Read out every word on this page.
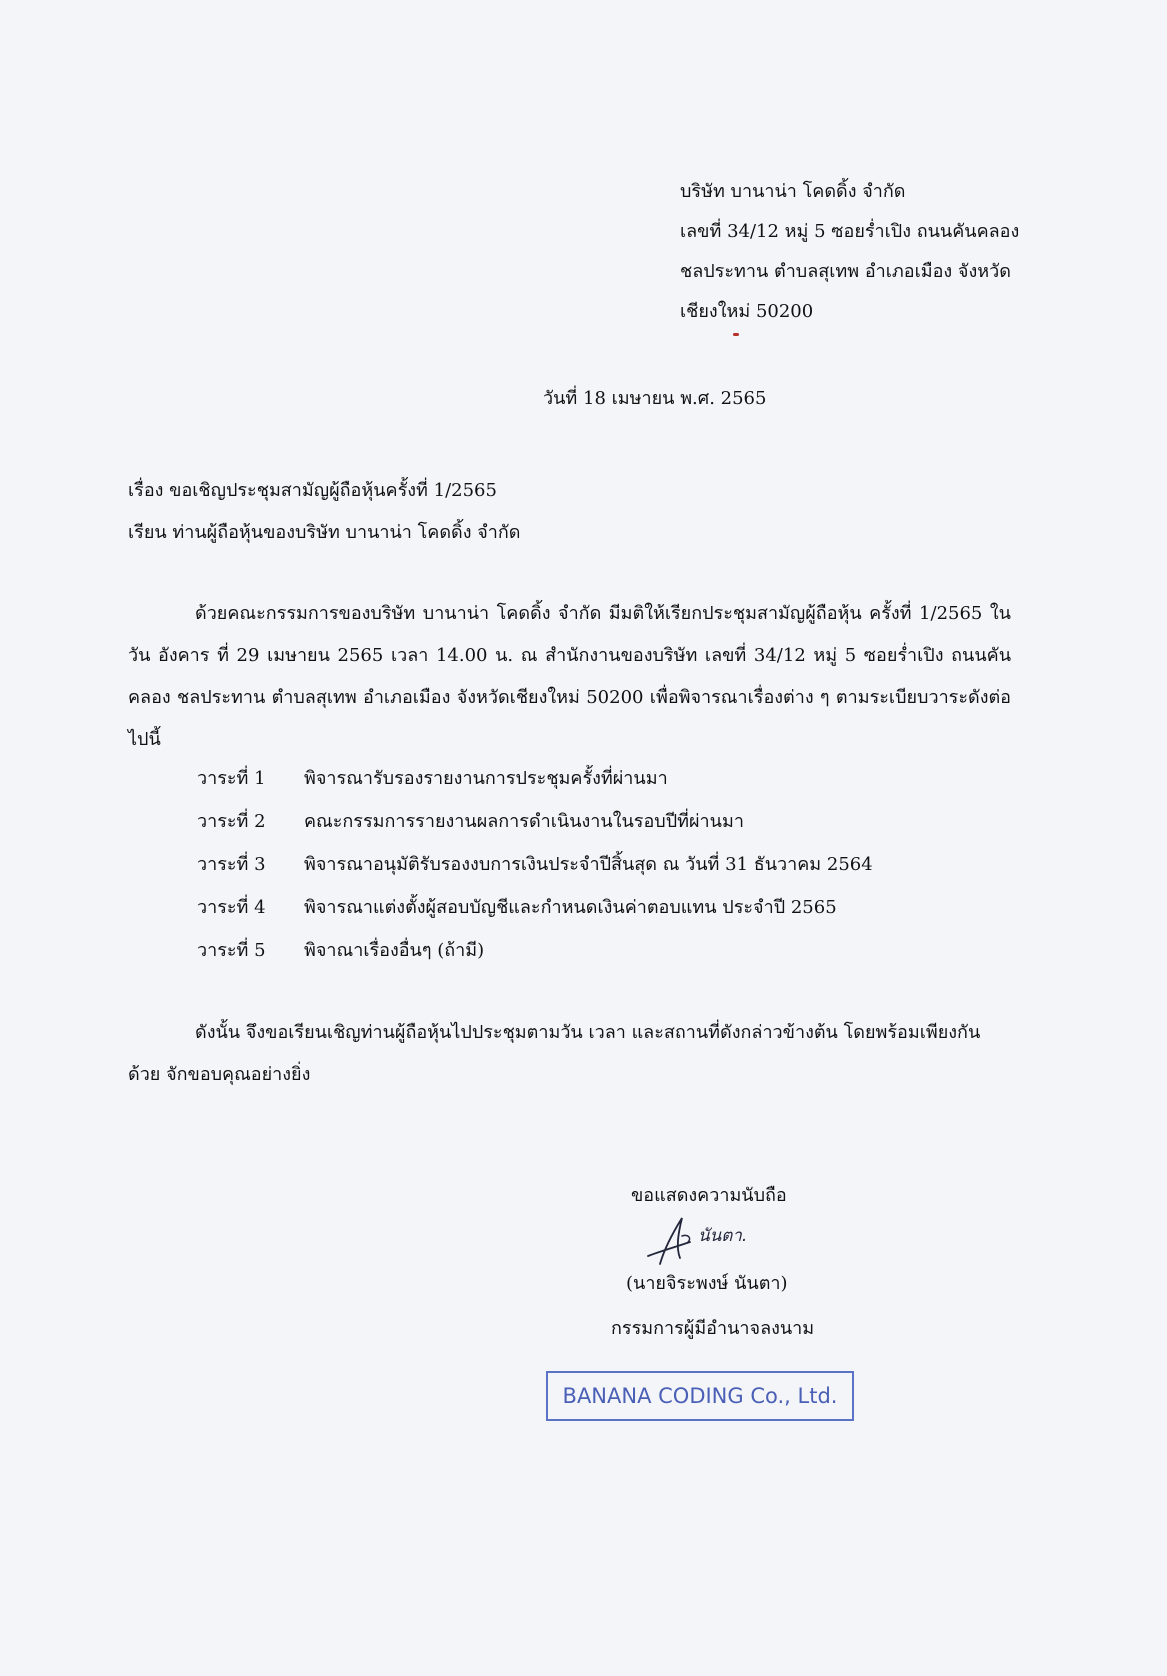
บริษัท บานาน่า โคดดิ้ง จำกัด
เลขที่ 34/12 หมู่ 5 ซอยร่ำเปิง ถนนคันคลอง
ชลประทาน ตำบลสุเทพ อำเภอเมือง จังหวัด
เชียงใหม่ 50200
วันที่ 18 เมษายน พ.ศ. 2565
เรื่อง ขอเชิญประชุมสามัญผู้ถือหุ้นครั้งที่ 1/2565
เรียน ท่านผู้ถือหุ้นของบริษัท บานาน่า โคดดิ้ง จำกัด
ด้วยคณะกรรมการของบริษัท บานาน่า โคดดิ้ง จำกัด มีมติให้เรียกประชุมสามัญผู้ถือหุ้น ครั้งที่ 1/2565 ในวัน อังคาร ที่ 29 เมษายน 2565 เวลา 14.00 น. ณ สำนักงานของบริษัท เลขที่ 34/12 หมู่ 5 ซอยร่ำเปิง ถนนคันคลอง ชลประทาน ตำบลสุเทพ อำเภอเมือง จังหวัดเชียงใหม่ 50200 เพื่อพิจารณาเรื่องต่าง ๆ ตามระเบียบวาระดังต่อไปนี้
วาระที่ 1	พิจารณารับรองรายงานการประชุมครั้งที่ผ่านมา
วาระที่ 2	คณะกรรมการรายงานผลการดำเนินงานในรอบปีที่ผ่านมา
วาระที่ 3	พิจารณาอนุมัติรับรองงบการเงินประจำปีสิ้นสุด ณ วันที่ 31 ธันวาคม 2564
วาระที่ 4	พิจารณาแต่งตั้งผู้สอบบัญชีและกำหนดเงินค่าตอบแทน ประจำปี 2565
วาระที่ 5	พิจาณาเรื่องอื่นๆ (ถ้ามี)
ดังนั้น จึงขอเรียนเชิญท่านผู้ถือหุ้นไปประชุมตามวัน เวลา และสถานที่ดังกล่าวข้างต้น โดยพร้อมเพียงกันด้วย จักขอบคุณอย่างยิ่ง
ขอแสดงความนับถือ
นันตา.
(นายจิระพงษ์ นันตา)
กรรมการผู้มีอำนาจลงนาม
BANANA CODING Co., Ltd.
